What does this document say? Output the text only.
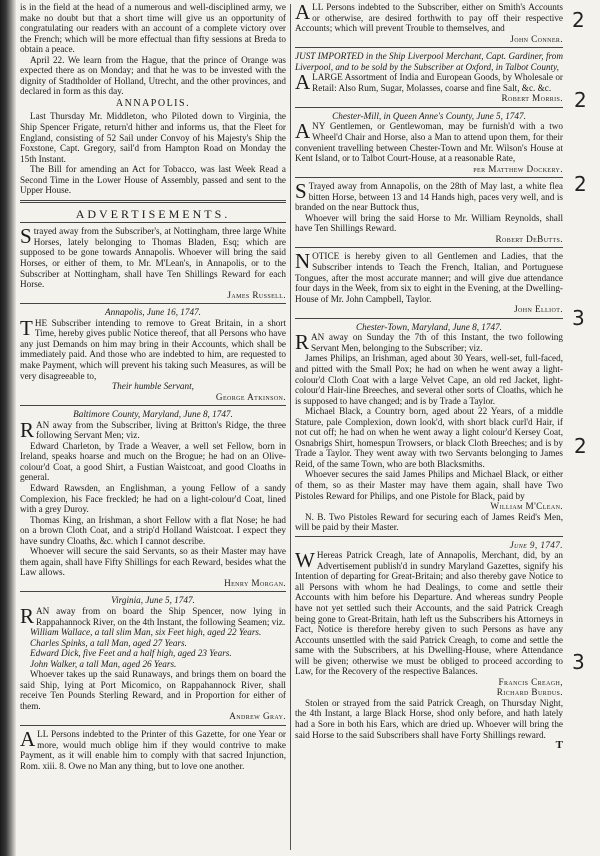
is in the field at the head of a numerous and well-disciplined army, we make no doubt but that a short time will give us an opportunity of congratulating our readers with an account of a complete victory over the French; which will be more effectual than fifty sessions at Breda to obtain a peace.

April 22. We learn from the Hague, that the prince of Orange was expected there as on Monday; and that he was to be invested with the dignity of Stadtholder of Holland, Utrecht, and the other provinces, and declared in form as this day.

ANNAPOLIS.

Last Thursday Mr. Middleton, who Piloted down to Virginia, the Ship Spencer Frigate, return'd hither and informs us, that the Fleet for England, consisting of 52 Sail under Convoy of his Majesty's Ship the Foxstone, Capt. Gregory, sail'd from Hampton Road on Monday the 15th Instant.

The Bill for amending an Act for Tobacco, was last Week Read a Second Time in the Lower House of Assembly, passed and sent to the Upper House.

ADVERTISEMENTS.
S trayed away from the Subscriber's, at Nottingham, three large White Horses, lately belonging to Thomas Bladen, Esq; which are supposed to be gone towards Annapolis. Whoever will bring the said Horses, or either of them, to Mr. M'Lean's, in Annapolis, or to the Subscriber at Nottingham, shall have Ten Shillings Reward for each Horse.

James Russell.
Annapolis, June 16, 1747.
T HE Subscriber intending to remove to Great Britain, in a short Time, hereby gives public Notice thereof, that all Persons who have any just Demands on him may bring in their Accounts, which shall be immediately paid. And those who are indebted to him, are requested to make Payment, which will prevent his taking such Measures, as will be very disagreeable to,

Their humble Servant,
George Atkinson.
Baltimore County, Maryland, June 8, 1747.
R AN away from the Subscriber, living at Britton's Ridge, the three following Servant Men; viz.

Edward Charleton, by Trade a Weaver, a well set Fellow, born in Ireland, speaks hoarse and much on the Brogue; he had on an Olive-colour'd Coat, a good Shirt, a Fustian Waistcoat, and good Cloaths in general.

Edward Rawsden, an Englishman, a young Fellow of a sandy Complexion, his Face freckled; he had on a light-colour'd Coat, lined with a grey Duroy.

Thomas King, an Irishman, a short Fellow with a flat Nose; he had on a brown Cloth Coat, and a strip'd Holland Waistcoat. I expect they have sundry Cloaths, &c. which I cannot describe.

Whoever will secure the said Servants, so as their Master may have them again, shall have Fifty Shillings for each Reward, besides what the Law allows.

Henry Morgan.
Virginia, June 5, 1747.
R AN away from on board the Ship Spencer, now lying in Rappahannock River, on the 4th Instant, the following Seamen; viz.

William Wallace, a tall slim Man, six Feet high, aged 22 Years.

Charles Spinks, a tall Man, aged 27 Years.

Edward Dick, five Feet and a half high, aged 23 Years.

John Walker, a tall Man, aged 26 Years.

Whoever takes up the said Runaways, and brings them on board the said Ship, lying at Port Micomico, on Rappahannock River, shall receive Ten Pounds Sterling Reward, and in Proportion for either of them.

Andrew Gray.
A LL Persons indebted to the Printer of this Gazette, for one Year or more, would much oblige him if they would contrive to make Payment, as it will enable him to comply with that sacred Injunction, Rom. xiii. 8. Owe no Man any thing, but to love one another.

A LL Persons indebted to the Subscriber, either on Smith's Accounts or otherwise, are desired forthwith to pay off their respective Accounts; which will prevent Trouble to themselves, and

John Conner.

JUST IMPORTED in the Ship Liverpool Merchant, Capt. Gardiner, from Liverpool, and to be sold by the Subscriber at Oxford, in Talbot County,

A LARGE Assortment of India and European Goods, by Wholesale or Retail: Also Rum, Sugar, Molasses, coarse and fine Salt, &c. &c.

Robert Morris.
Chester-Mill, in Queen Anne's County, June 5, 1747.
A NY Gentlemen, or Gentlewoman, may be furnish'd with a two Wheel'd Chair and Horse, also a Man to attend upon them, for their convenient travelling between Chester-Town and Mr. Wilson's House at Kent Island, or to Talbot Court-House, at a reasonable Rate,

per Matthew Dockery.
S Trayed away from Annapolis, on the 28th of May last, a white flea bitten Horse, between 13 and 14 Hands high, paces very well, and is branded on the near Buttock thus,

Whoever will bring the said Horse to Mr. William Reynolds, shall have Ten Shillings Reward.

Robert DeButts.
N OTICE is hereby given to all Gentlemen and Ladies, that the Subscriber intends to Teach the French, Italian, and Portuguese Tongues, after the most accurate manner; and will give due attendance four days in the Week, from six to eight in the Evening, at the Dwelling-House of Mr. John Campbell, Taylor.

John Elliot.
Chester-Town, Maryland, June 8, 1747.
R AN away on Sunday the 7th of this Instant, the two following Servant Men, belonging to the Subscriber; viz.

James Philips, an Irishman, aged about 30 Years, well-set, full-faced, and pitted with the Small Pox; he had on when he went away a light-colour'd Cloth Coat with a large Velvet Cape, an old red Jacket, light-colour'd Hair-line Breeches, and several other sorts of Cloaths, which he is supposed to have changed; and is by Trade a Taylor.

Michael Black, a Country born, aged about 22 Years, of a middle Stature, pale Complexion, down look'd, with short black curl'd Hair, if not cut off; he had on when he went away a light colour'd Kersey Coat, Osnabrigs Shirt, homespun Trowsers, or black Cloth Breeches; and is by Trade a Taylor. They went away with two Servants belonging to James Reid, of the same Town, who are both Blacksmiths.

Whoever secures the said James Philips and Michael Black, or either of them, so as their Master may have them again, shall have Two Pistoles Reward for Philips, and one Pistole for Black, paid by

William M'Clean.

N. B. Two Pistoles Reward for securing each of James Reid's Men, will be paid by their Master.

June 9, 1747.
W Hereas Patrick Creagh, late of Annapolis, Merchant, did, by an Advertisement publish'd in sundry Maryland Gazettes, signify his Intention of departing for Great-Britain; and also thereby gave Notice to all Persons with whom he had Dealings, to come and settle their Accounts with him before his Departure. And whereas sundry People have not yet settled such their Accounts, and the said Patrick Creagh being gone to Great-Britain, hath left us the Subscribers his Attorneys in Fact, Notice is therefore hereby given to such Persons as have any Accounts unsettled with the said Patrick Creagh, to come and settle the same with the Subscribers, at his Dwelling-House, where Attendance will be given; otherwise we must be obliged to proceed according to Law, for the Recovery of the respective Balances.

Francis Creagh,
Richard Burdus.

Stolen or strayed from the said Patrick Creagh, on Thursday Night, the 4th Instant, a large Black Horse, shod only before, and hath lately had a Sore in both his Ears, which are dried up. Whoever will bring the said Horse to the said Subscribers shall have Forty Shillings reward.

T
2
2
2
3
2
3
